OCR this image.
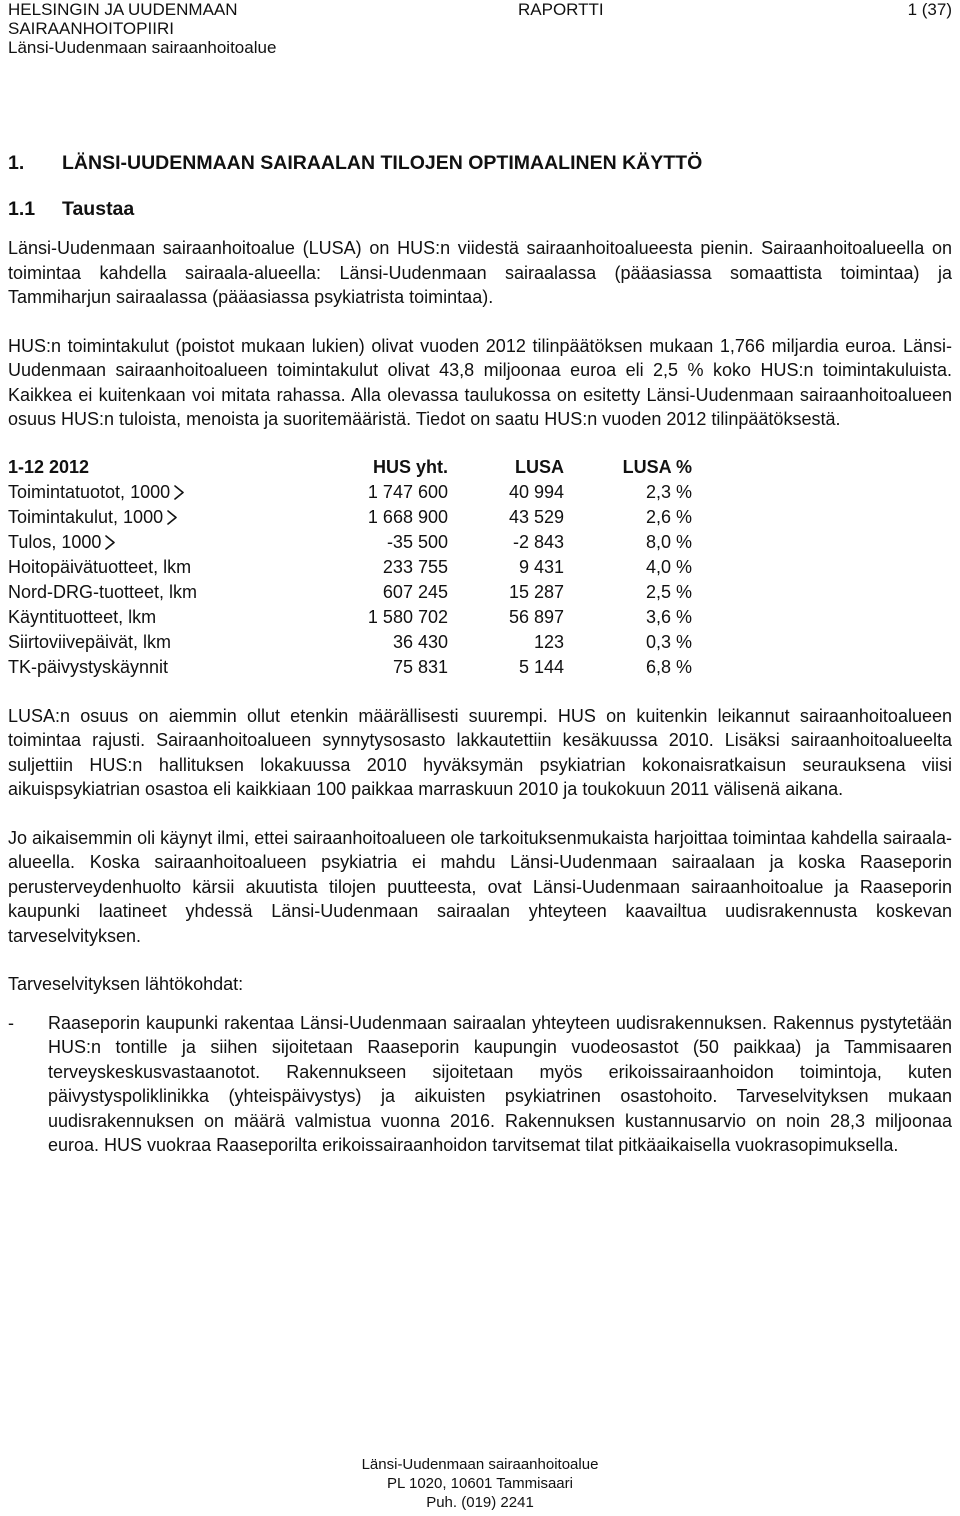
HELSINGIN JA UUDENMAAN	RAPORTTI	1 (37)
SAIRAANHOITOPIIRI
Länsi-Uudenmaan sairaanhoitoalue
1.	LÄNSI-UUDENMAAN SAIRAALAN TILOJEN OPTIMAALINEN KÄYTTÖ
1.1	Taustaa

Länsi-Uudenmaan sairaanhoitoalue (LUSA) on HUS:n viidestä sairaanhoitoalueesta pienin. Sairaanhoitoalueella on toimintaa kahdella sairaala-alueella: Länsi-Uudenmaan sairaalassa (pääasiassa somaattista toimintaa) ja Tammiharjun sairaalassa (pääasiassa psykiatrista toimintaa).

HUS:n toimintakulut (poistot mukaan lukien) olivat vuoden 2012 tilinpäätöksen mukaan 1,766 miljardia euroa. Länsi-Uudenmaan sairaanhoitoalueen toimintakulut olivat 43,8 miljoonaa euroa eli 2,5 % koko HUS:n toimintakuluista. Kaikkea ei kuitenkaan voi mitata rahassa. Alla olevassa taulukossa on esitetty Länsi-Uudenmaan sairaanhoitoalueen osuus HUS:n tuloista, menoista ja suoritemääristä. Tiedot on saatu HUS:n vuoden 2012 tilinpäätöksestä.

1-12 2012	HUS yht.	LUSA	LUSA %
Toimintatuotot, 1000	1 747 600	40 994	2,3 %
Toimintakulut, 1000	1 668 900	43 529	2,6 %
Tulos, 1000	-35 500	-2 843	8,0 %
Hoitopäivätuotteet, lkm	233 755	9 431	4,0 %
Nord-DRG-tuotteet, lkm	607 245	15 287	2,5 %
Käyntituotteet, lkm	1 580 702	56 897	3,6 %
Siirtoviivepäivät, lkm	36 430	123	0,3 %
TK-päivystyskäynnit	75 831	5 144	6,8 %

LUSA:n osuus on aiemmin ollut etenkin määrällisesti suurempi. HUS on kuitenkin leikannut sairaanhoitoalueen toimintaa rajusti. Sairaanhoitoalueen synnytysosasto lakkautettiin kesäkuussa 2010. Lisäksi sairaanhoitoalueelta suljettiin HUS:n hallituksen lokakuussa 2010 hyväksymän psykiatrian kokonaisratkaisun seurauksena viisi aikuispsykiatrian osastoa eli kaikkiaan 100 paikkaa marraskuun 2010 ja toukokuun 2011 välisenä aikana.

Jo aikaisemmin oli käynyt ilmi, ettei sairaanhoitoalueen ole tarkoituksenmukaista harjoittaa toimintaa kahdella sairaala-alueella. Koska sairaanhoitoalueen psykiatria ei mahdu Länsi-Uudenmaan sairaalaan ja koska Raaseporin perusterveydenhuolto kärsii akuutista tilojen puutteesta, ovat Länsi-Uudenmaan sairaanhoitoalue ja Raaseporin kaupunki laatineet yhdessä Länsi-Uudenmaan sairaalan yhteyteen kaavailtua uudisrakennusta koskevan tarveselvityksen.

Tarveselvityksen lähtökohdat:

-	Raaseporin kaupunki rakentaa Länsi-Uudenmaan sairaalan yhteyteen uudisrakennuksen. Rakennus pystytetään HUS:n tontille ja siihen sijoitetaan Raaseporin kaupungin vuodeosastot (50 paikkaa) ja Tammisaaren terveyskeskusvastaanotot. Rakennukseen sijoitetaan myös erikoissairaanhoidon toimintoja, kuten päivystyspoliklinikka (yhteispäivystys) ja aikuisten psykiatrinen osastohoito. Tarveselvityksen mukaan uudisrakennuksen on määrä valmistua vuonna 2016. Rakennuksen kustannusarvio on noin 28,3 miljoonaa euroa. HUS vuokraa Raaseporilta erikoissairaanhoidon tarvitsemat tilat pitkäaikaisella vuokrasopimuksella.
Länsi-Uudenmaan sairaanhoitoalue
PL 1020, 10601 Tammisaari
Puh. (019) 2241
